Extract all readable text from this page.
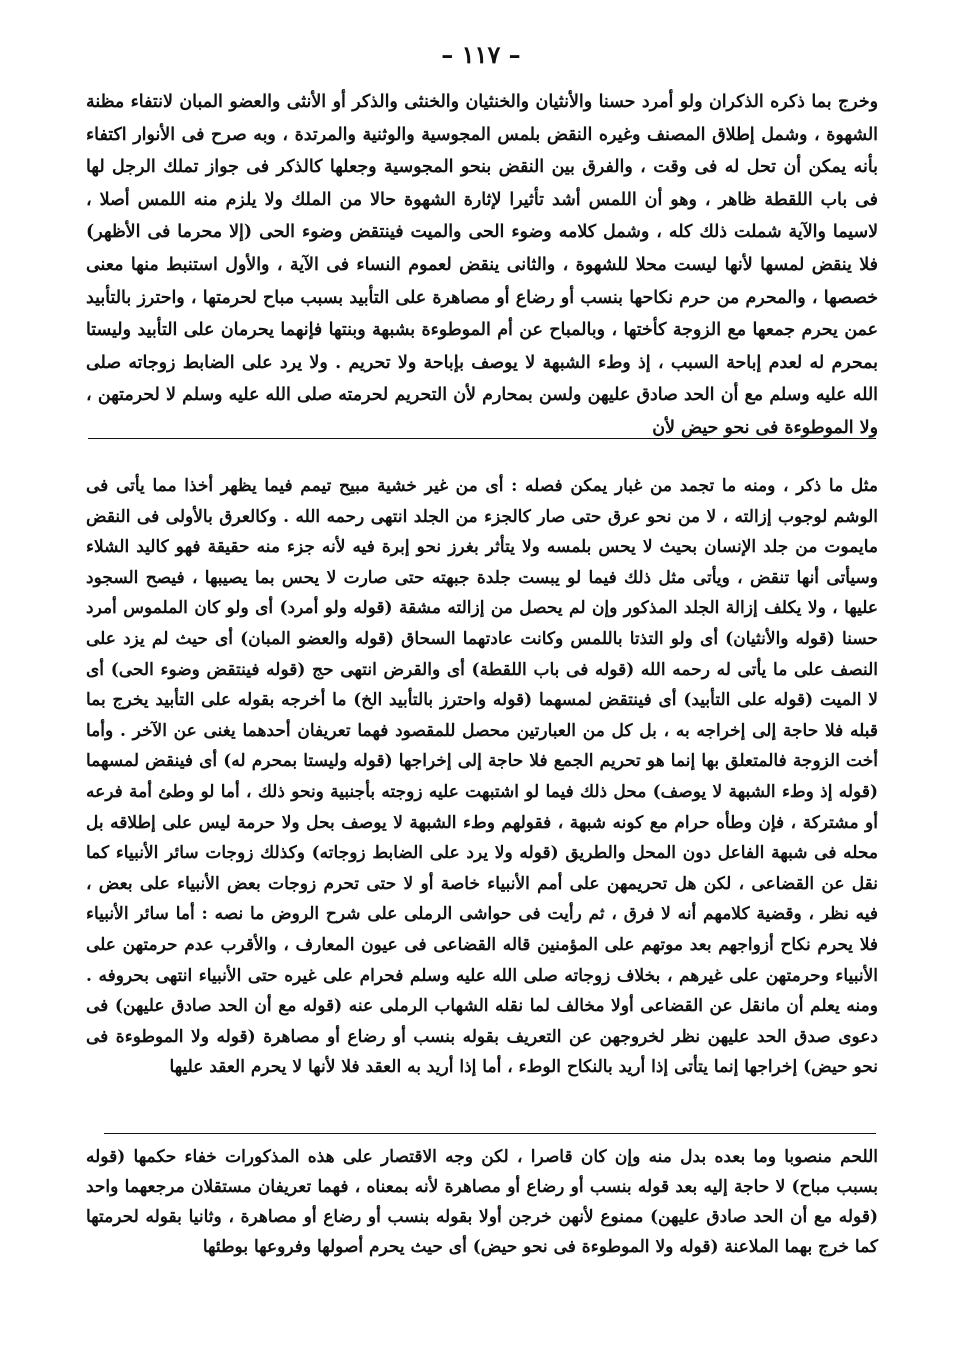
– ١١٧ –

وخرج بما ذكره الذكران ولو أمرد حسنا والأنثيان والخنثيان والخنثى والذكر أو الأنثى والعضو المبان لانتفاء مظنة الشهوة ، وشمل إطلاق المصنف وغيره النقض بلمس المجوسية والوثنية والمرتدة ، وبه صرح فى الأنوار اكتفاء بأنه يمكن أن تحل له فى وقت ، والفرق بين النقض بنحو المجوسية وجعلها كالذكر فى جواز تملك الرجل لها فى باب اللقطة ظاهر ، وهو أن اللمس أشد تأثيرا لإثارة الشهوة حالا من الملك ولا يلزم منه اللمس أصلا ، لاسيما والآية شملت ذلك كله ، وشمل كلامه وضوء الحى والميت فينتقض وضوء الحى (إلا محرما فى الأظهر) فلا ينقض لمسها لأنها ليست محلا للشهوة ، والثانى ينقض لعموم النساء فى الآية ، والأول استنبط منها معنى خصصها ، والمحرم من حرم نكاحها بنسب أو رضاع أو مصاهرة على التأبيد بسبب مباح لحرمتها ، واحترز بالتأبيد عمن يحرم جمعها مع الزوجة كأختها ، وبالمباح عن أم الموطوءة بشبهة وبنتها فإنهما يحرمان على التأبيد وليستا بمحرم له لعدم إباحة السبب ، إذ وطء الشبهة لا يوصف بإباحة ولا تحريم . ولا يرد على الضابط زوجاته صلى الله عليه وسلم مع أن الحد صادق عليهن ولسن بمحارم لأن التحريم لحرمته صلى الله عليه وسلم لا لحرمتهن ، ولا الموطوءة فى نحو حيض لأن

مثل ما ذكر ، ومنه ما تجمد من غبار يمكن فصله : أى من غير خشية مبيح تيمم فيما يظهر أخذا مما يأتى فى الوشم لوجوب إزالته ، لا من نحو عرق حتى صار كالجزء من الجلد انتهى رحمه الله . وكالعرق بالأولى فى النقض مايموت من جلد الإنسان بحيث لا يحس بلمسه ولا يتأثر بغرز نحو إبرة فيه لأنه جزء منه حقيقة فهو كاليد الشلاء وسيأتى أنها تنقض ، ويأتى مثل ذلك فيما لو يبست جلدة جبهته حتى صارت لا يحس بما يصيبها ، فيصح السجود عليها ، ولا يكلف إزالة الجلد المذكور وإن لم يحصل من إزالته مشقة (قوله ولو أمرد) أى ولو كان الملموس أمرد حسنا (قوله والأنثيان) أى ولو التذتا باللمس وكانت عادتهما السحاق (قوله والعضو المبان) أى حيث لم يزد على النصف على ما يأتى له رحمه الله (قوله فى باب اللقطة) أى والقرض انتهى حج (قوله فينتقض وضوء الحى) أى لا الميت (قوله على التأبيد) أى فينتقض لمسهما (قوله واحترز بالتأبيد الخ) ما أخرجه بقوله على التأبيد يخرج بما قبله فلا حاجة إلى إخراجه به ، بل كل من العبارتين محصل للمقصود فهما تعريفان أحدهما يغنى عن الآخر . وأما أخت الزوجة فالمتعلق بها إنما هو تحريم الجمع فلا حاجة إلى إخراجها (قوله وليستا بمحرم له) أى فينقض لمسهما (قوله إذ وطء الشبهة لا يوصف) محل ذلك فيما لو اشتبهت عليه زوجته بأجنبية ونحو ذلك ، أما لو وطئ أمة فرعه أو مشتركة ، فإن وطأه حرام مع كونه شبهة ، فقولهم وطء الشبهة لا يوصف بحل ولا حرمة ليس على إطلاقه بل محله فى شبهة الفاعل دون المحل والطريق (قوله ولا يرد على الضابط زوجاته) وكذلك زوجات سائر الأنبياء كما نقل عن القضاعى ، لكن هل تحريمهن على أمم الأنبياء خاصة أو لا حتى تحرم زوجات بعض الأنبياء على بعض ، فيه نظر ، وقضية كلامهم أنه لا فرق ، ثم رأيت فى حواشى الرملى على شرح الروض ما نصه : أما سائر الأنبياء فلا يحرم نكاح أزواجهم بعد موتهم على المؤمنين قاله القضاعى فى عيون المعارف ، والأقرب عدم حرمتهن على الأنبياء وحرمتهن على غيرهم ، بخلاف زوجاته صلى الله عليه وسلم فحرام على غيره حتى الأنبياء انتهى بحروفه . ومنه يعلم أن مانقل عن القضاعى أولا مخالف لما نقله الشهاب الرملى عنه (قوله مع أن الحد صادق عليهن) فى دعوى صدق الحد عليهن نظر لخروجهن عن التعريف بقوله بنسب أو رضاع أو مصاهرة (قوله ولا الموطوءة فى نحو حيض) إخراجها إنما يتأتى إذا أريد بالنكاح الوطء ، أما إذا أريد به العقد فلا لأنها لا يحرم العقد عليها

اللحم منصوبا وما بعده بدل منه وإن كان قاصرا ، لكن وجه الاقتصار على هذه المذكورات خفاء حكمها (قوله بسبب مباح) لا حاجة إليه بعد قوله بنسب أو رضاع أو مصاهرة لأنه بمعناه ، فهما تعريفان مستقلان مرجعهما واحد (قوله مع أن الحد صادق عليهن) ممنوع لأنهن خرجن أولا بقوله بنسب أو رضاع أو مصاهرة ، وثانيا بقوله لحرمتها كما خرج بهما الملاعنة (قوله ولا الموطوءة فى نحو حيض) أى حيث يحرم أصولها وفروعها بوطئها
